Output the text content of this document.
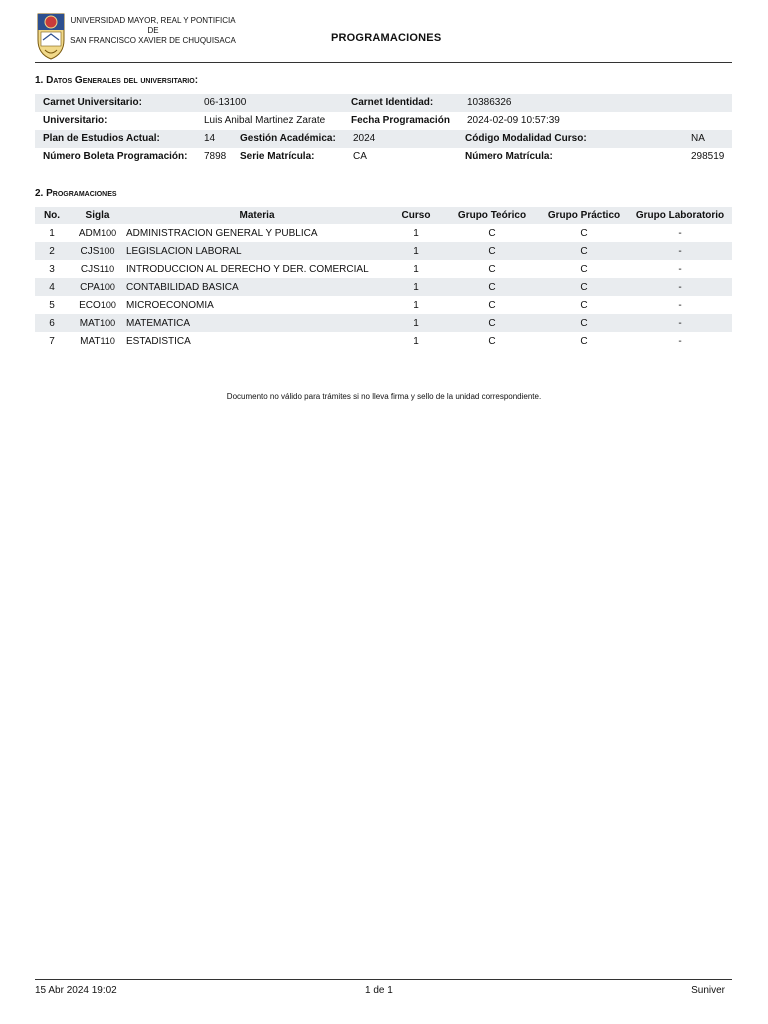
UNIVERSIDAD MAYOR, REAL Y PONTIFICIA DE
SAN FRANCISCO XAVIER DE CHUQUISACA	PROGRAMACIONES
1. Datos Generales del universitario:
Carnet Universitario:	06-13100	Carnet Identidad:	10386326
Universitario:	Luis Anibal Martinez Zarate	Fecha Programación 2024-02-09 10:57:39
Plan de Estudios Actual:	14 Gestión Académica: 2024	Código Modalidad Curso:	NA
Número Boleta Programación: 7898 Serie Matrícula:	CA	Número Matrícula:	298519
2. Programaciones
No.	Sigla	Materia	Curso	Grupo Teórico	Grupo Práctico	Grupo Laboratorio
1	ADM100	ADMINISTRACION GENERAL Y PUBLICA	1	C	C	-
2	CJS100	LEGISLACION LABORAL	1	C	C	-
3	CJS110	INTRODUCCION AL DERECHO Y DER. COMERCIAL	1	C	C	-
4	CPA100	CONTABILIDAD BASICA	1	C	C	-
5	ECO100	MICROECONOMIA	1	C	C	-
6	MAT100	MATEMATICA	1	C	C	-
7	MAT110	ESTADISTICA	1	C	C	-
Documento no válido para trámites si no lleva firma y sello de la unidad correspondiente.
15 Abr 2024 19:02	1 de 1	Suniver
